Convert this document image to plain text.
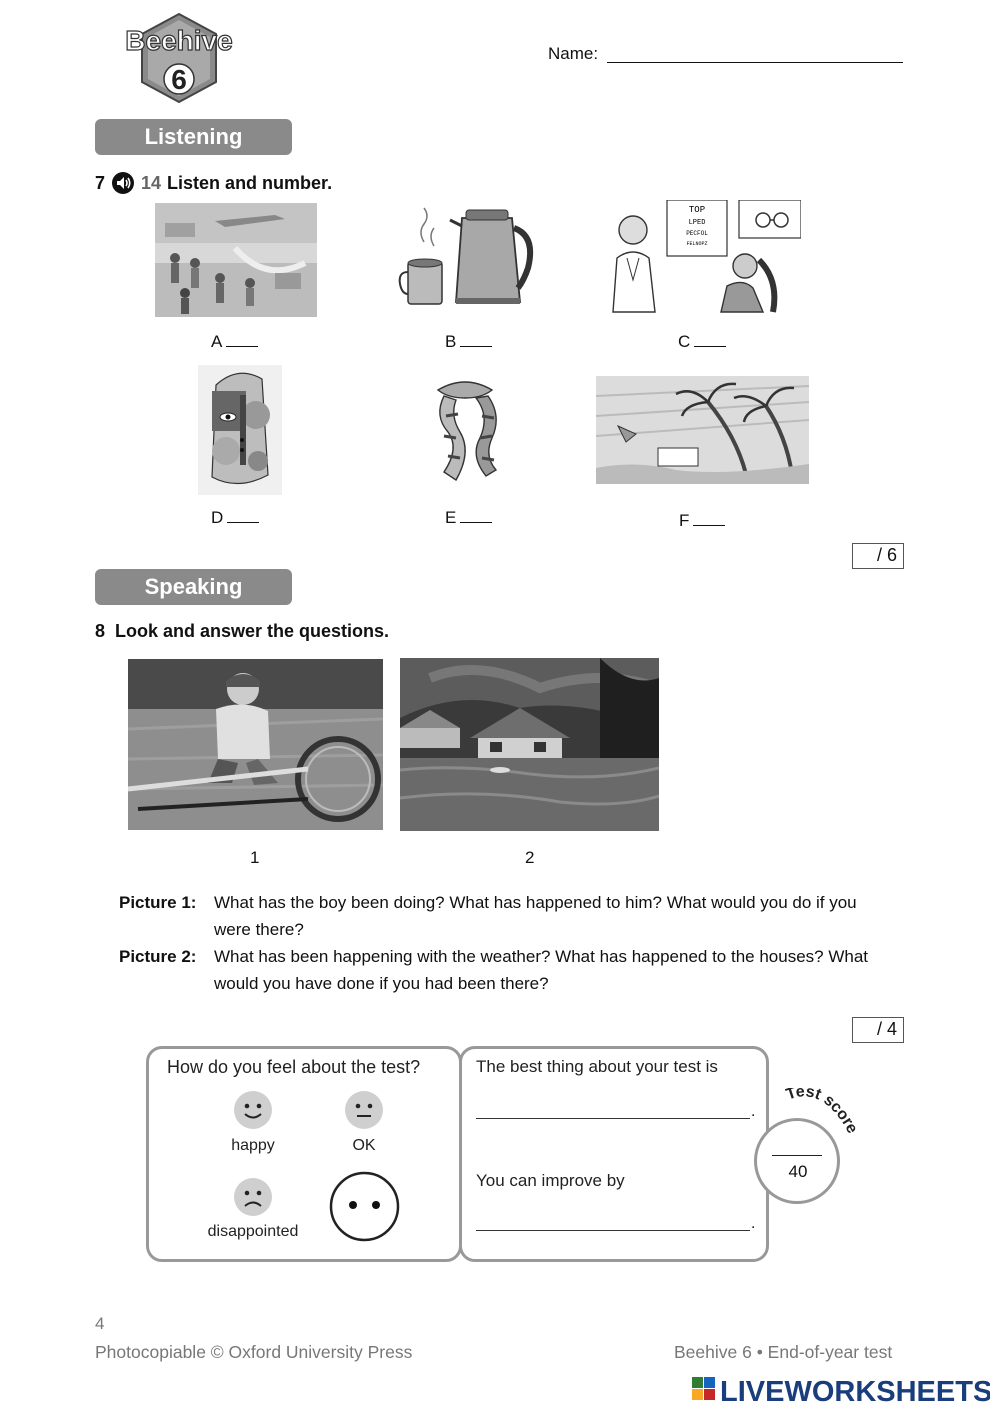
Beehive
6
Name:
Listening
7 14 Listen and number.
TOP
LPED
PECFOL
FELNOPZ
A	B	C
D	E	F
/ 6
Speaking
8 Look and answer the questions.
1	2
Picture 1: What has the boy been doing? What has happened to him? What would you do if you were there?
Picture 2: What has been happening with the weather? What has happened to the houses? What would you have done if you had been there?
/ 4
How do you feel about the test?
happy	OK
disappointed
The best thing about your test is
.
You can improve by
.
40
Test score
4
Photocopiable © Oxford University Press	Beehive 6 • End-of-year test
LIVEWORKSHEETS
